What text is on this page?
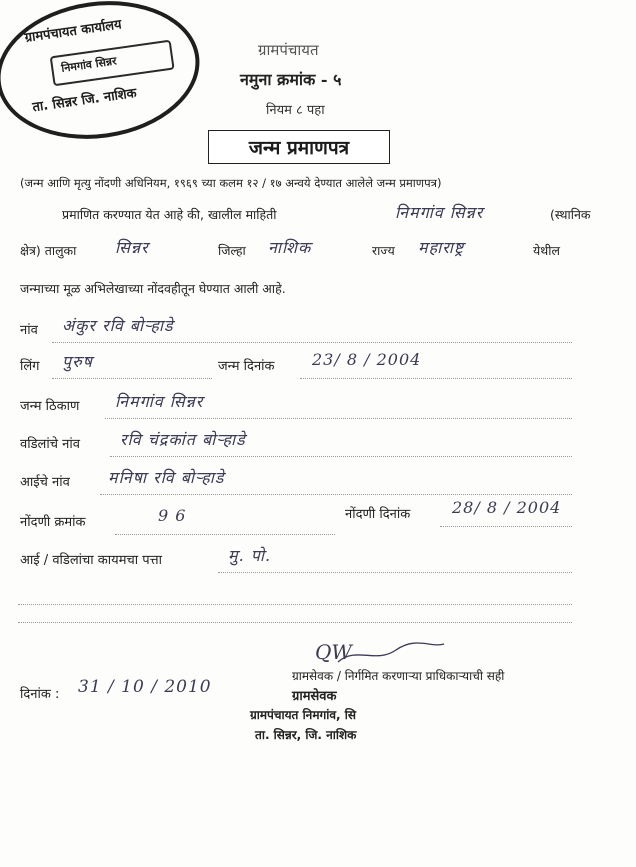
ग्रामपंचायत कार्यालय
निमगांव सिन्नर
ता. सिन्नर जि. नाशिक
ग्रामपंचायत
नमुना क्रमांक - ५
नियम ८ पहा
जन्म प्रमाणपत्र
(जन्म आणि मृत्यु नोंदणी अधिनियम, १९६९ च्या कलम १२ / १७ अन्वये देण्यात आलेले जन्म प्रमाणपत्र)
प्रमाणित करण्यात येत आहे की, खालील माहिती	निमगांव सिन्नर	(स्थानिक
क्षेत्र) तालुका सिन्नर	जिल्हा नाशिक	राज्य महाराष्ट्र	येथील
जन्माच्या मूळ अभिलेखाच्या नोंदवहीतून घेण्यात आली आहे.
नांव अंकुर रवि बोऱ्हाडे
लिंग पुरुष	जन्म दिनांक 23/ 8 / 2004
जन्म ठिकाण निमगांव सिन्नर
वडिलांचे नांव	रवि चंद्रकांत बोऱ्हाडे
आईचे नांव मनिषा रवि बोऱ्हाडे
नोंदणी क्रमांक	9 6	नोंदणी दिनांक	28/ 8 / 2004
आई / वडिलांचा कायमचा पत्ता	मु. पो.
दिनांक : 31 / 10 / 2010
QW
ग्रामसेवक / निर्गमित करणाऱ्या प्राधिकाऱ्याची सही
ग्रामसेवक
ग्रामपंचायत निमगांव, सि
ता. सिन्नर, जि. नाशिक
